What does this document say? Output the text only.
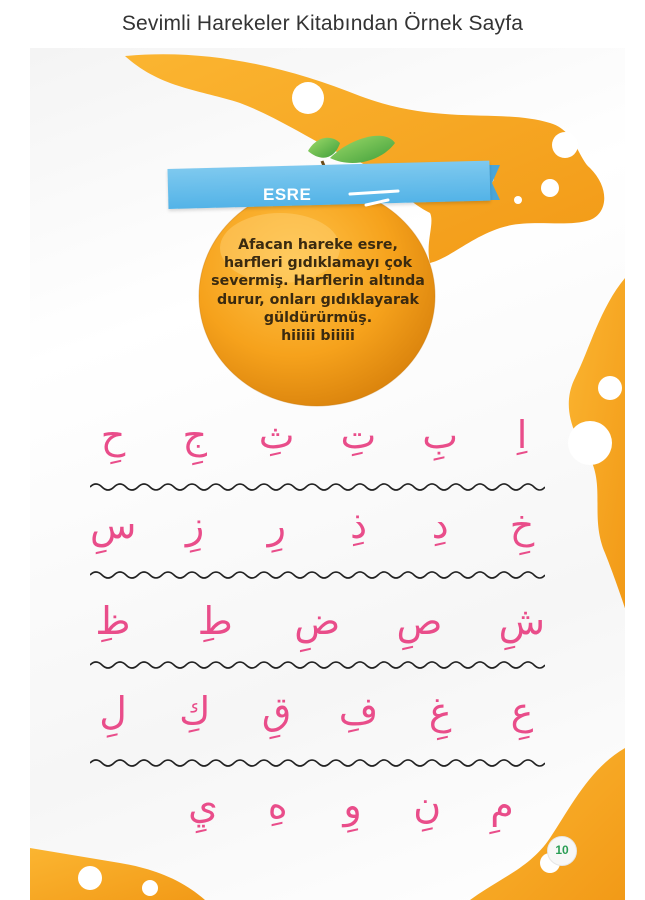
Sevimli Harekeler Kitabından Örnek Sayfa
ESRE
Afacan hareke esre,
harfleri gıdıklamayı çok
severmiş. Harflerin altında
durur, onları gıdıklayarak
güldürürmüş.
hiiiii biiiii
اِ
بِ
تِ
ثِ
جِ
حِ
خِ
دِ
ذِ
رِ
زِ
سِ
شِ
صِ
ضِ
طِ
ظِ
عِ
غِ
فِ
قِ
كِ
لِ
مِ
نِ
وِ
هِ
يِ
10
